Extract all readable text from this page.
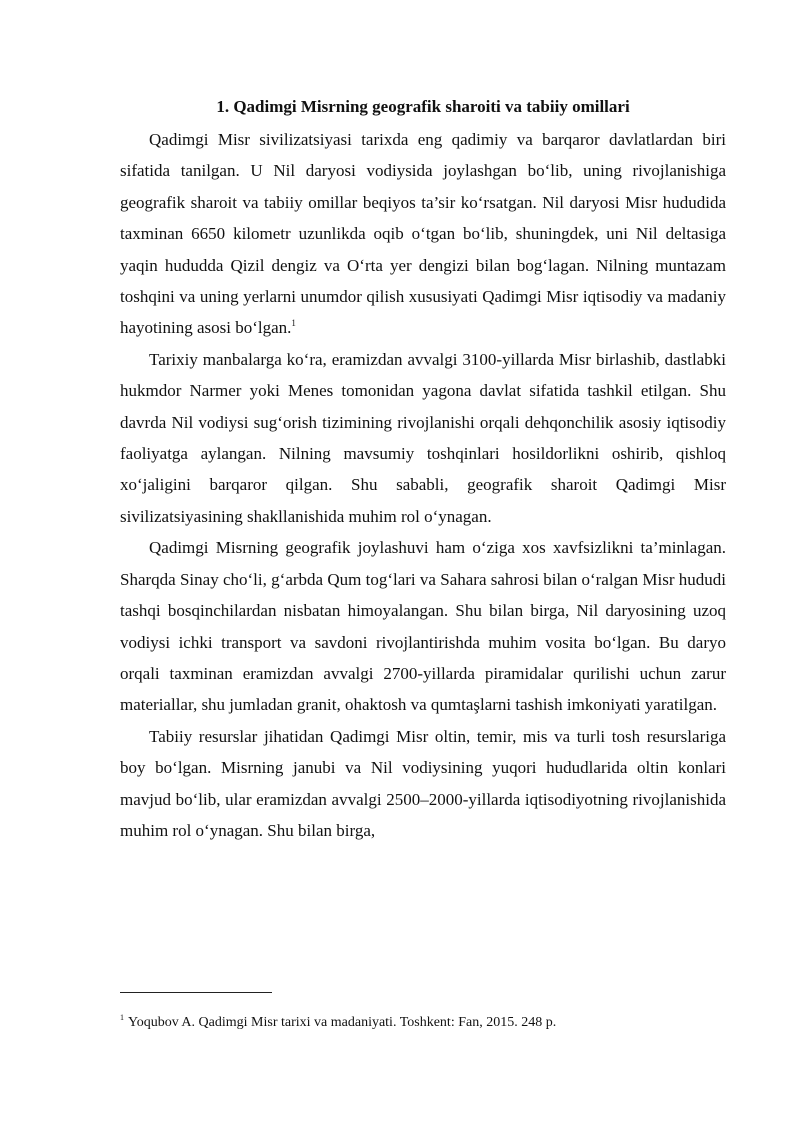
1. Qadimgi Misrning geografik sharoiti va tabiiy omillari

Qadimgi Misr sivilizatsiyasi tarixda eng qadimiy va barqaror davlatlardan biri sifatida tanilgan. U Nil daryosi vodiysida joylashgan bo‘lib, uning rivojlanishiga geografik sharoit va tabiiy omillar beqiyos ta’sir ko‘rsatgan. Nil daryosi Misr hududida taxminan 6650 kilometr uzunlikda oqib o‘tgan bo‘lib, shuningdek, uni Nil deltasiga yaqin hududda Qizil dengiz va O‘rta yer dengizi bilan bog‘lagan. Nilning muntazam toshqini va uning yerlarni unumdor qilish xususiyati Qadimgi Misr iqtisodiy va madaniy hayotining asosi bo‘lgan.$^1$

Tarixiy manbalarga ko‘ra, eramizdan avvalgi 3100-yillarda Misr birlashib, dastlabki hukmdor Narmer yoki Menes tomonidan yagona davlat sifatida tashkil etilgan. Shu davrda Nil vodiysi sug‘orish tizimining rivojlanishi orqali dehqonchilik asosiy iqtisodiy faoliyatga aylangan. Nilning mavsumiy toshqinlari hosildorlikni oshirib, qishloq xo‘jaligini barqaror qilgan. Shu sababli, geografik sharoit Qadimgi Misr sivilizatsiyasining shakllanishida muhim rol o‘ynagan.

Qadimgi Misrning geografik joylashuvi ham o‘ziga xos xavfsizlikni ta’minlagan. Sharqda Sinay cho‘li, g‘arbda Qum tog‘lari va Sahara sahrosi bilan o‘ralgan Misr hududi tashqi bosqinchilardan nisbatan himoyalangan. Shu bilan birga, Nil daryosining uzoq vodiysi ichki transport va savdoni rivojlantirishda muhim vosita bo‘lgan. Bu daryo orqali taxminan eramizdan avvalgi 2700-yillarda piramidalar qurilishi uchun zarur materiallar, shu jumladan granit, ohaktosh va qumtaşlarni tashish imkoniyati yaratilgan.

Tabiiy resurslar jihatidan Qadimgi Misr oltin, temir, mis va turli tosh resurslariga boy bo‘lgan. Misrning janubi va Nil vodiysining yuqori hududlarida oltin konlari mavjud bo‘lib, ular eramizdan avvalgi 2500–2000-yillarda iqtisodiyotning rivojlanishida muhim rol o‘ynagan. Shu bilan birga,

$^1$ Yoqubov A. Qadimgi Misr tarixi va madaniyati. Toshkent: Fan, 2015. 248 p.
